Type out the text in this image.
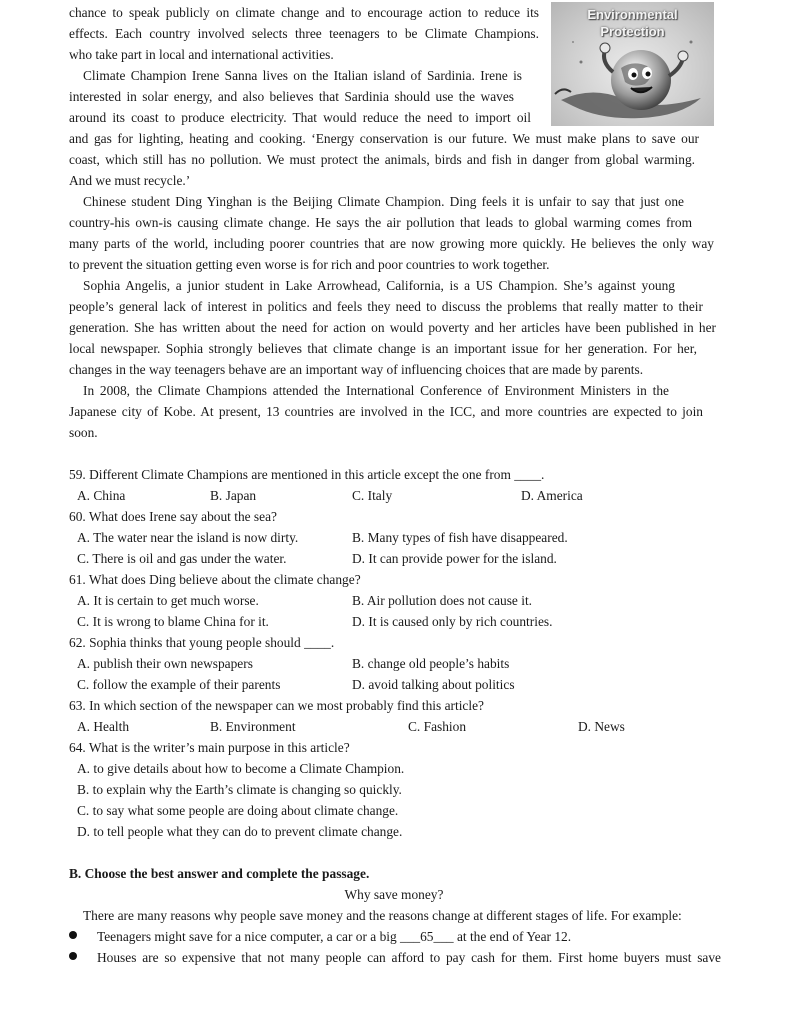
chance to speak publicly on climate change and to encourage action to reduce its
effects. Each country involved selects three teenagers to be Climate Champions.
who take part in local and international activities.
Climate Champion Irene Sanna lives on the Italian island of Sardinia. Irene is
interested in solar energy, and also believes that Sardinia should use the waves
around its coast to produce electricity. That would reduce the need to import oil
and gas for lighting, heating and cooking. ‘Energy conservation is our future. We must make plans to save our
coast, which still has no pollution. We must protect the animals, birds and fish in danger from global warming.
And we must recycle.’
Chinese student Ding Yinghan is the Beijing Climate Champion. Ding feels it is unfair to say that just one
country-his own-is causing climate change. He says the air pollution that leads to global warming comes from
many parts of the world, including poorer countries that are now growing more quickly. He believes the only way
to prevent the situation getting even worse is for rich and poor countries to work together.
Sophia Angelis, a junior student in Lake Arrowhead, California, is a US Champion. She’s against young
people’s general lack of interest in politics and feels they need to discuss the problems that really matter to their
generation. She has written about the need for action on would poverty and her articles have been published in her
local newspaper. Sophia strongly believes that climate change is an important issue for her generation. For her,
changes in the way teenagers behave are an important way of influencing choices that are made by parents.
In 2008, the Climate Champions attended the International Conference of Environment Ministers in the
Japanese city of Kobe. At present, 13 countries are involved in the ICC, and more countries are expected to join
soon.
59. Different Climate Champions are mentioned in this article except the one from ____.
A. China	B. Japan	C. Italy	D. America
60. What does Irene say about the sea?
A. The water near the island is now dirty.	B. Many types of fish have disappeared.
C. There is oil and gas under the water.	D. It can provide power for the island.
61. What does Ding believe about the climate change?
A. It is certain to get much worse.	B. Air pollution does not cause it.
C. It is wrong to blame China for it.	D. It is caused only by rich countries.
62. Sophia thinks that young people should ____.
A. publish their own newspapers	B. change old people’s habits
C. follow the example of their parents	D. avoid talking about politics
63. In which section of the newspaper can we most probably find this article?
A. Health	B. Environment	C. Fashion	D. News
64. What is the writer’s main purpose in this article?
A. to give details about how to become a Climate Champion.
B. to explain why the Earth’s climate is changing so quickly.
C. to say what some people are doing about climate change.
D. to tell people what they can do to prevent climate change.
B. Choose the best answer and complete the passage.
Why save money?
There are many reasons why people save money and the reasons change at different stages of life. For example:
Teenagers might save for a nice computer, a car or a big ___65___ at the end of Year 12.
Houses are so expensive that not many people can afford to pay cash for them. First home buyers must save
Environmental
Protection
